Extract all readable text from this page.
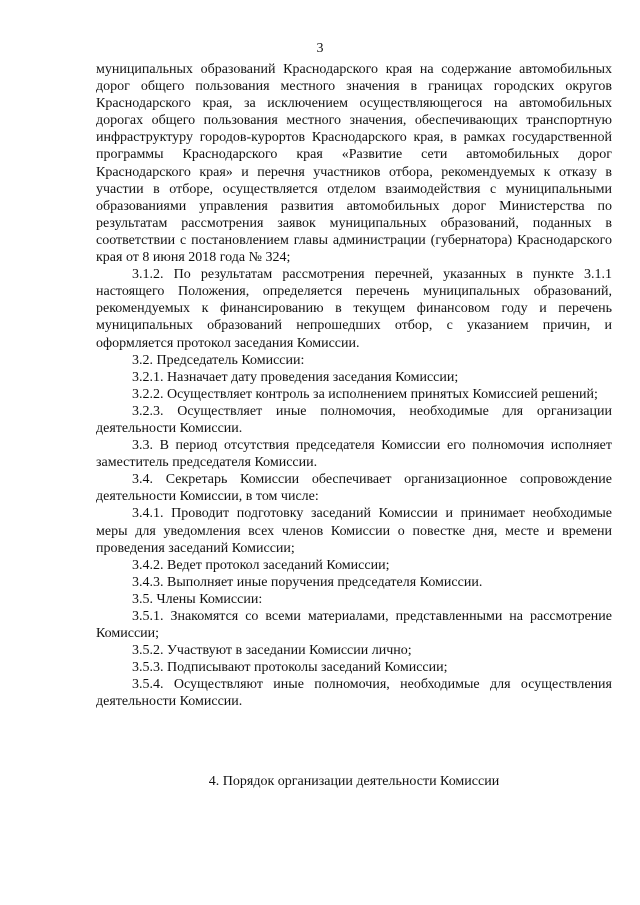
3

муниципальных образований Краснодарского края на содержание автомобильных дорог общего пользования местного значения в границах городских округов Краснодарского края, за исключением осуществляющегося на автомобильных дорогах общего пользования местного значения, обеспечивающих транспортную инфраструктуру городов-курортов Краснодарского края, в рамках государственной программы Краснодарского края «Развитие сети автомобильных дорог Краснодарского края» и перечня участников отбора, рекомендуемых к отказу в участии в отборе, осуществляется отделом взаимодействия с муниципальными образованиями управления развития автомобильных дорог Министерства по результатам рассмотрения заявок муниципальных образований, поданных в соответствии с постановлением главы администрации (губернатора) Краснодарского края от 8 июня 2018 года № 324;

3.1.2. По результатам рассмотрения перечней, указанных в пункте 3.1.1 настоящего Положения, определяется перечень муниципальных образований, рекомендуемых к финансированию в текущем финансовом году и перечень муниципальных образований непрошедших отбор, с указанием причин, и оформляется протокол заседания Комиссии.

3.2. Председатель Комиссии:

3.2.1. Назначает дату проведения заседания Комиссии;

3.2.2. Осуществляет контроль за исполнением принятых Комиссией решений;

3.2.3. Осуществляет иные полномочия, необходимые для организации деятельности Комиссии.

3.3. В период отсутствия председателя Комиссии его полномочия исполняет заместитель председателя Комиссии.

3.4. Секретарь Комиссии обеспечивает организационное сопровождение деятельности Комиссии, в том числе:

3.4.1. Проводит подготовку заседаний Комиссии и принимает необходимые меры для уведомления всех членов Комиссии о повестке дня, месте и времени проведения заседаний Комиссии;

3.4.2. Ведет протокол заседаний Комиссии;

3.4.3. Выполняет иные поручения председателя Комиссии.

3.5. Члены Комиссии:

3.5.1. Знакомятся со всеми материалами, представленными на рассмотрение Комиссии;

3.5.2. Участвуют в заседании Комиссии лично;

3.5.3. Подписывают протоколы заседаний Комиссии;

3.5.4. Осуществляют иные полномочия, необходимые для осуществления деятельности Комиссии.

4. Порядок организации деятельности Комиссии
